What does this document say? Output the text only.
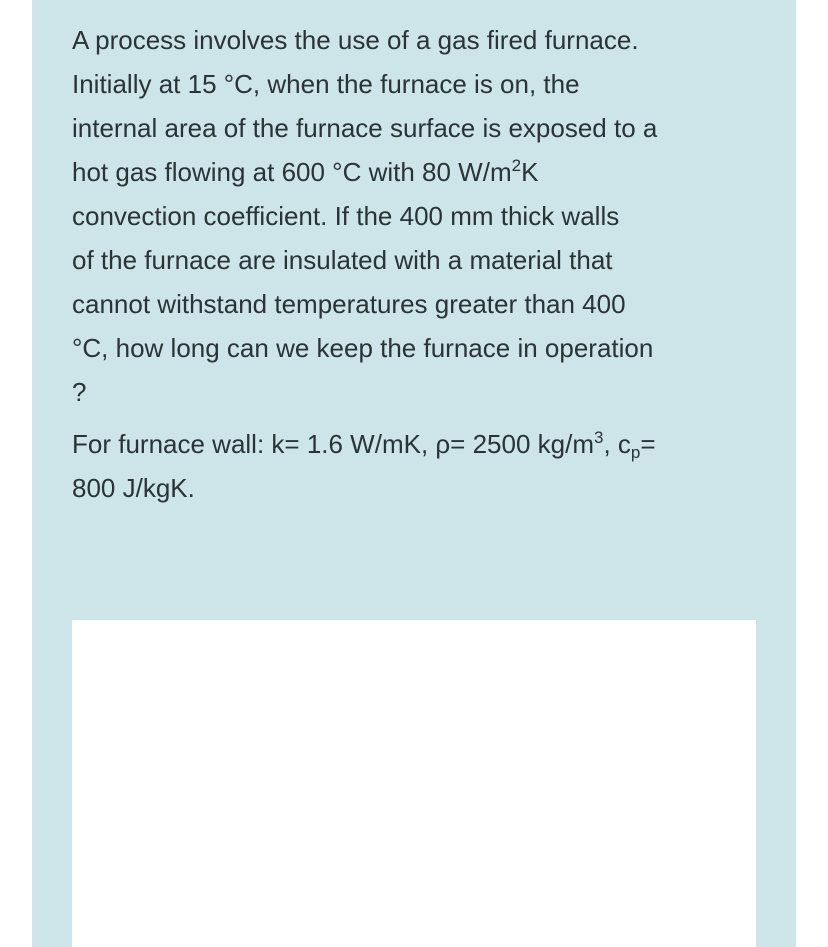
A process involves the use of a gas fired furnace.
Initially at 15 °C, when the furnace is on, the
internal area of the furnace surface is exposed to a
hot gas flowing at 600 °C with 80 $W/m^2K$
convection coefficient. If the 400 mm thick walls
of the furnace are insulated with a material that
cannot withstand temperatures greater than 400
°C, how long can we keep the furnace in operation
?

For furnace wall: k= 1.6 W/mK, ρ= 2500 $kg/m^3$, $c_p=$
800 J/kgK.
